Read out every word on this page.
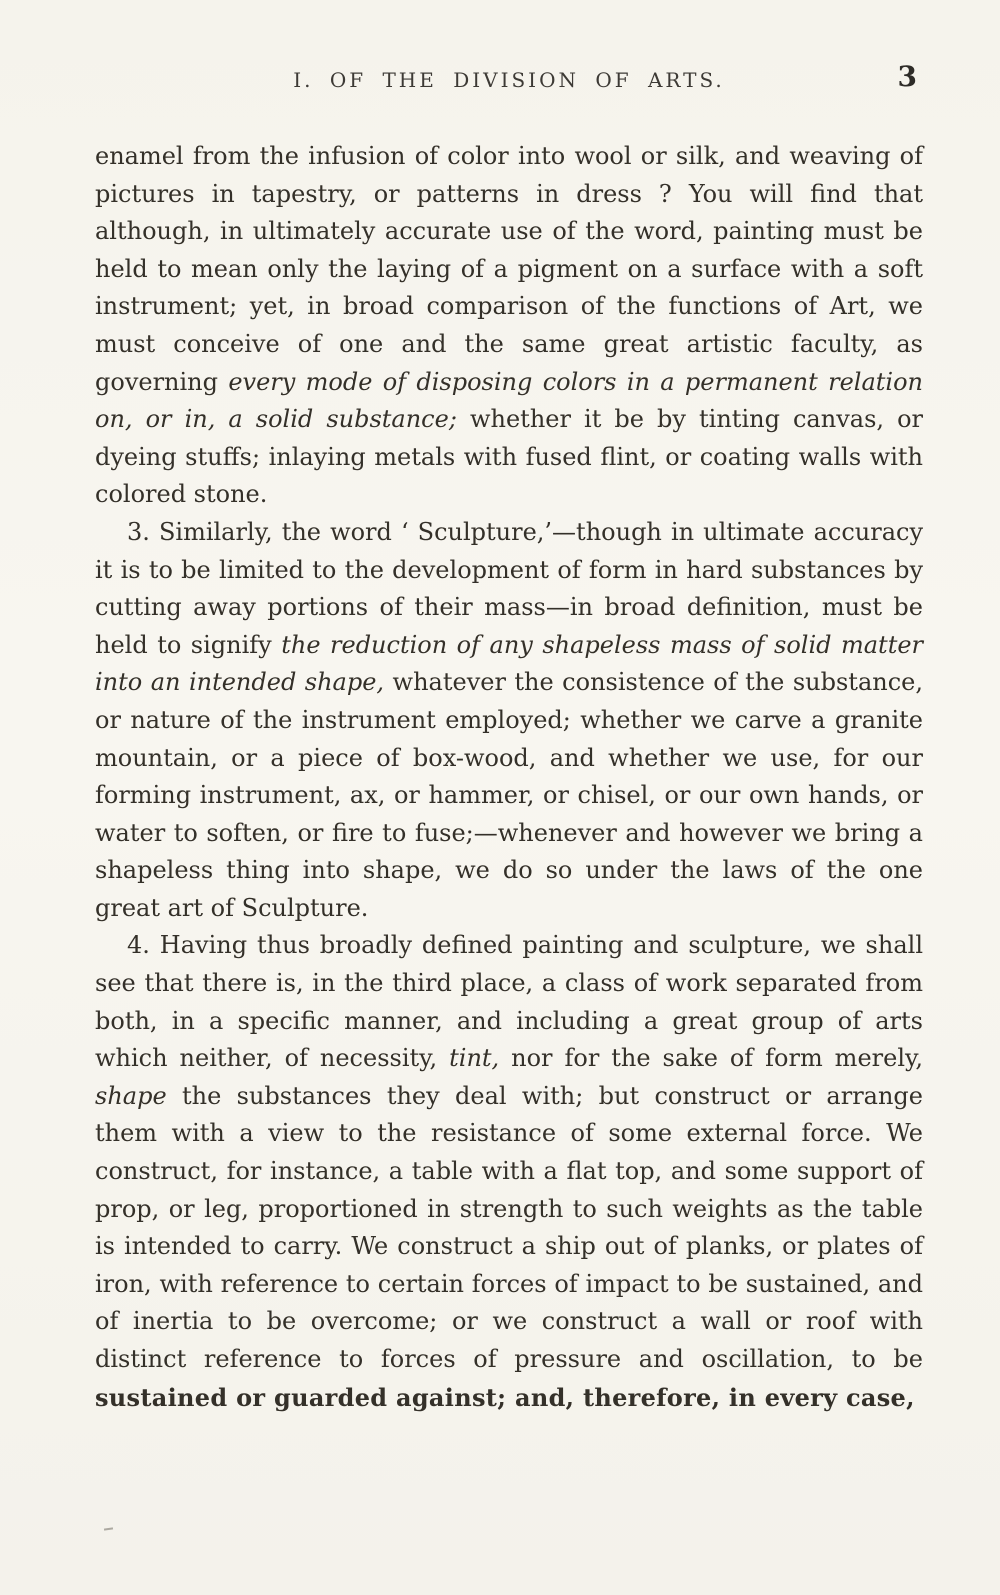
I. OF THE DIVISION OF ARTS.	3

enamel from the infusion of color into wool or silk, and weaving of pictures in tapestry, or patterns in dress ? You will find that although, in ultimately accurate use of the word, painting must be held to mean only the laying of a pigment on a surface with a soft instrument; yet, in broad comparison of the functions of Art, we must conceive of one and the same great artistic faculty, as governing every mode of disposing colors in a permanent relation on, or in, a solid substance; whether it be by tinting canvas, or dyeing stuffs; inlaying metals with fused flint, or coating walls with colored stone.

3. Similarly, the word ‘ Sculpture,’—though in ultimate accuracy it is to be limited to the development of form in hard substances by cutting away portions of their mass—in broad definition, must be held to signify the reduction of any shapeless mass of solid matter into an intended shape, whatever the consistence of the substance, or nature of the instrument employed; whether we carve a granite mountain, or a piece of box-wood, and whether we use, for our forming instrument, ax, or hammer, or chisel, or our own hands, or water to soften, or fire to fuse;—whenever and however we bring a shapeless thing into shape, we do so under the laws of the one great art of Sculpture.

4. Having thus broadly defined painting and sculpture, we shall see that there is, in the third place, a class of work separated from both, in a specific manner, and including a great group of arts which neither, of necessity, tint, nor for the sake of form merely, shape the substances they deal with; but construct or arrange them with a view to the resistance of some external force. We construct, for instance, a table with a flat top, and some support of prop, or leg, proportioned in strength to such weights as the table is intended to carry. We construct a ship out of planks, or plates of iron, with reference to certain forces of impact to be sustained, and of inertia to be overcome; or we construct a wall or roof with distinct reference to forces of pressure and oscillation, to be sustained or guarded against; and, therefore, in every case,
